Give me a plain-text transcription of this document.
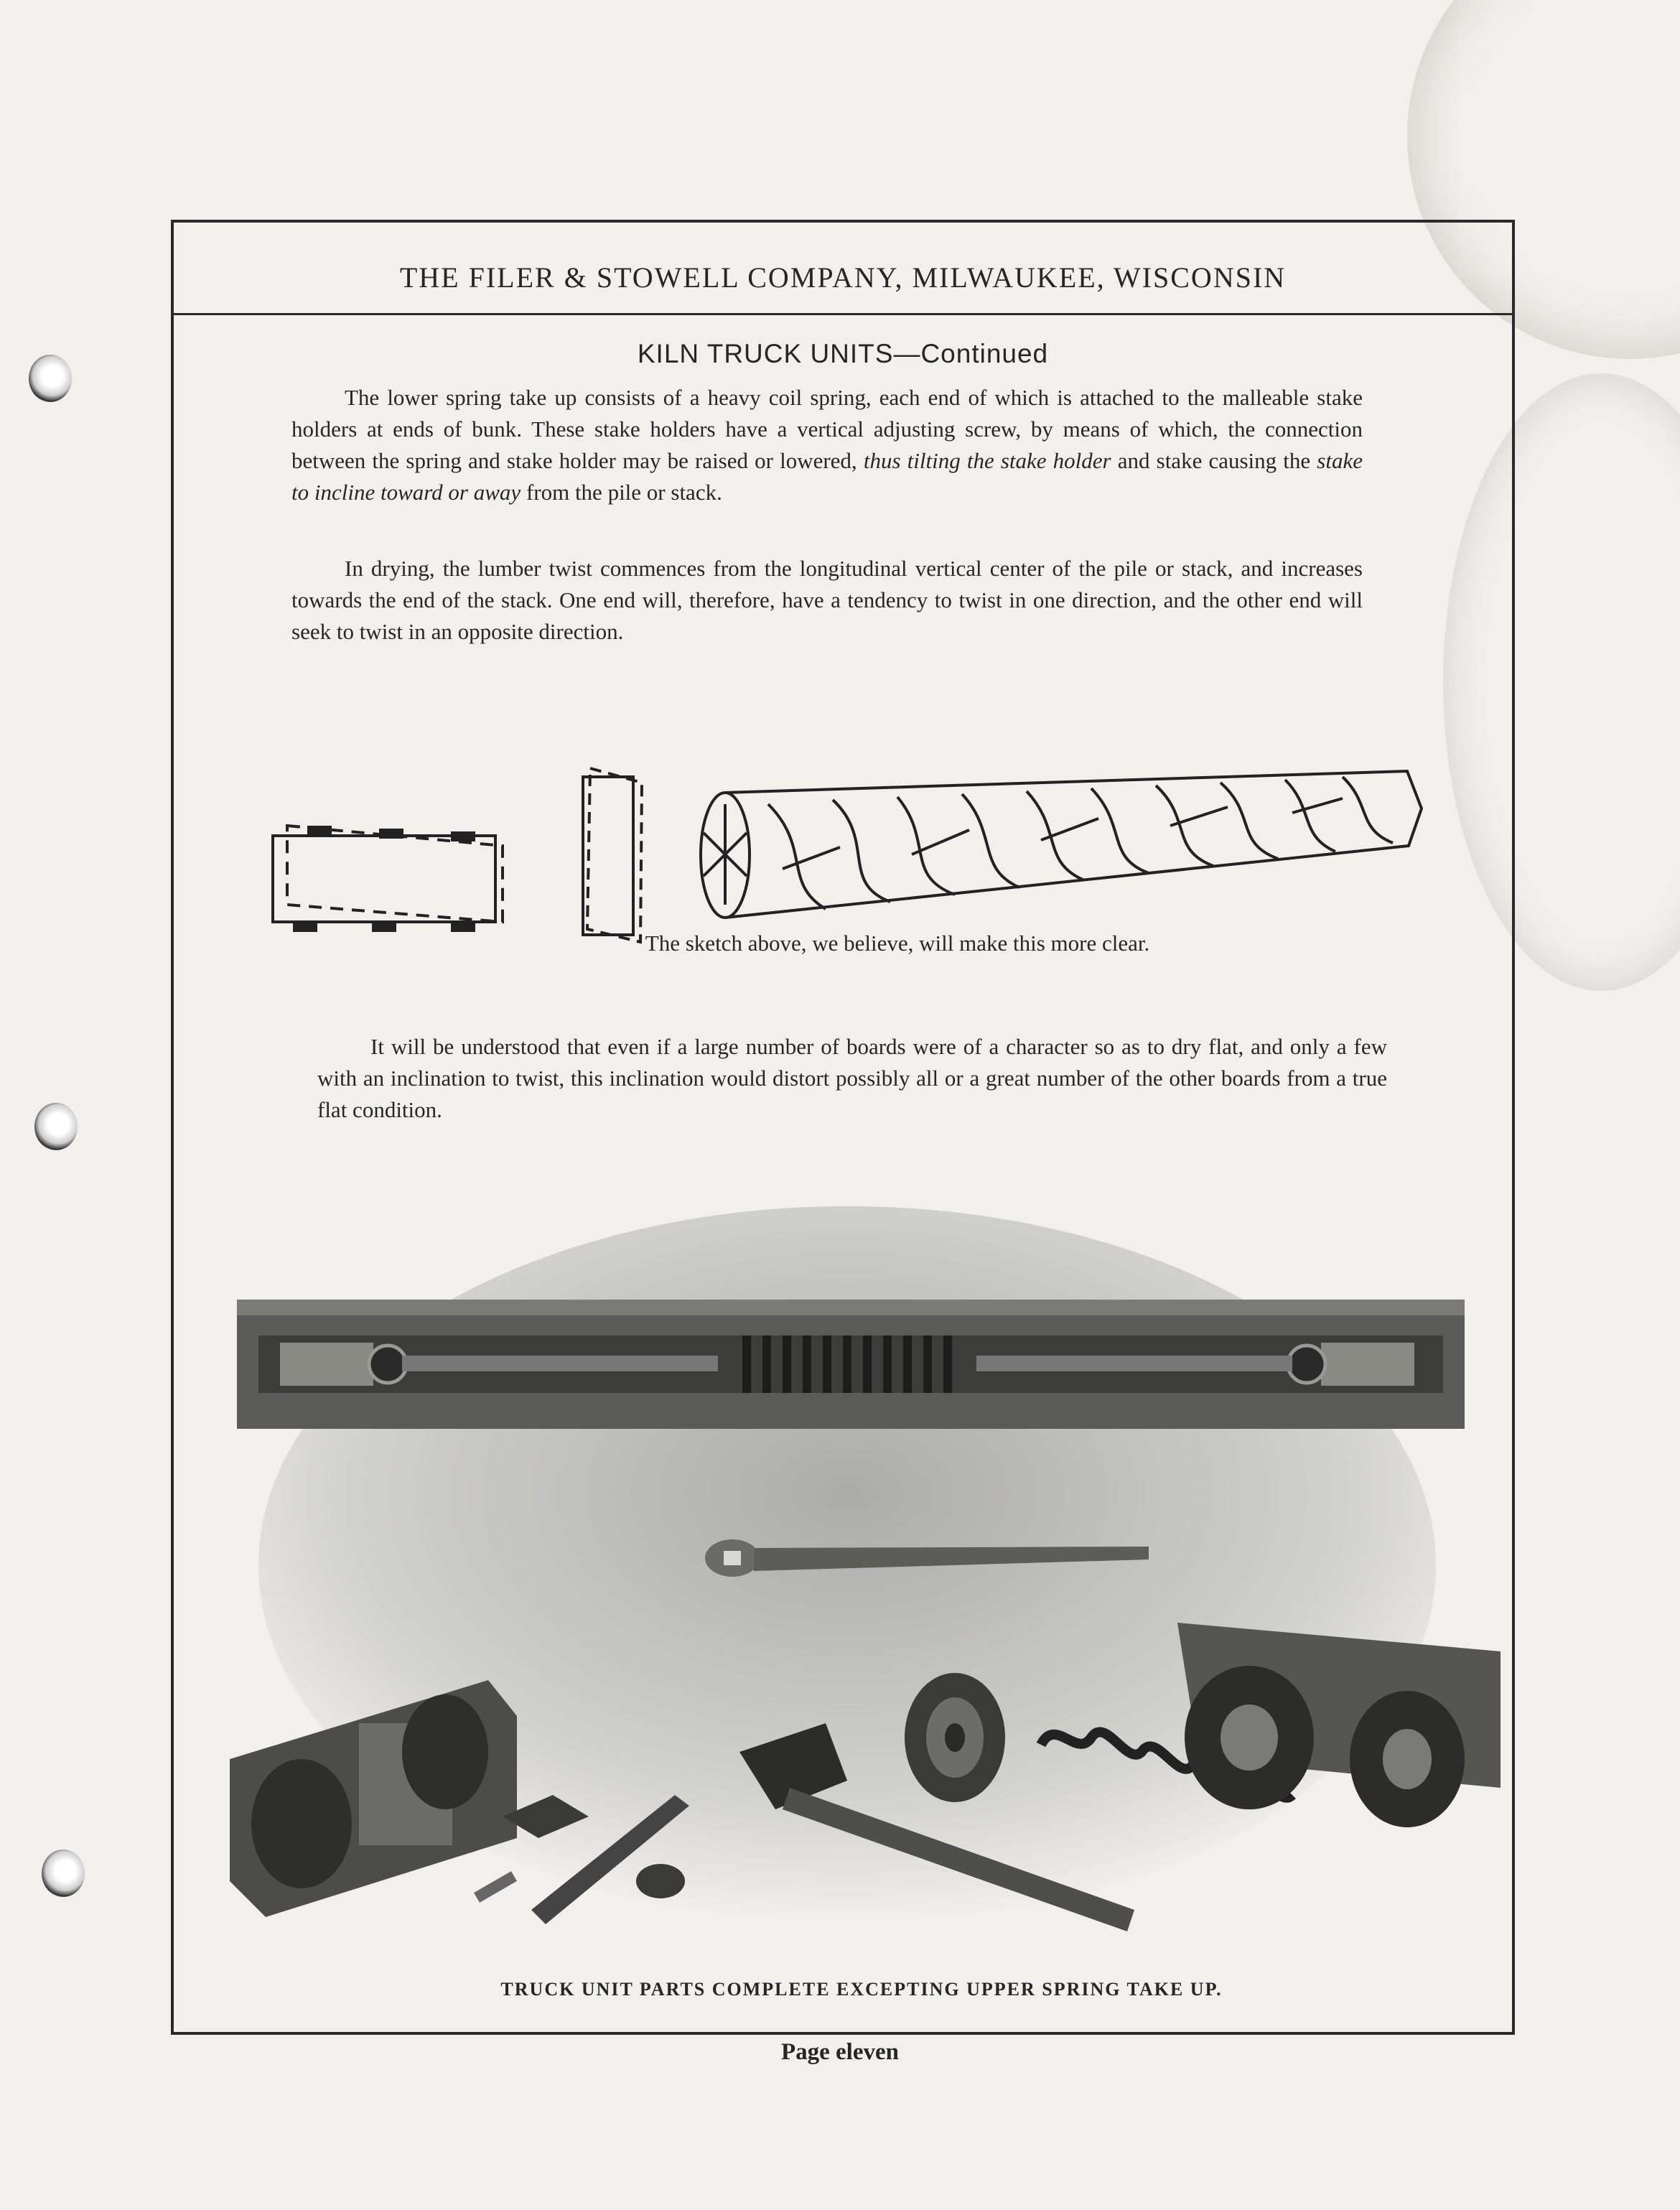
THE FILER & STOWELL COMPANY, MILWAUKEE, WISCONSIN
KILN TRUCK UNITS—Continued

The lower spring take up consists of a heavy coil spring, each end of which is attached to the malleable stake holders at ends of bunk. These stake holders have a vertical adjusting screw, by means of which, the connection between the spring and stake holder may be raised or lowered, thus tilting the stake holder and stake causing the stake to incline toward or away from the pile or stack.

In drying, the lumber twist commences from the longitudinal vertical center of the pile or stack, and increases towards the end of the stack. One end will, therefore, have a tendency to twist in one direction, and the other end will seek to twist in an opposite direction.

The sketch above, we believe, will make this more clear.

It will be understood that even if a large number of boards were of a character so as to dry flat, and only a few with an inclination to twist, this inclination would distort possibly all or a great number of the other boards from a true flat condition.

TRUCK UNIT PARTS COMPLETE EXCEPTING UPPER SPRING TAKE UP.
Page eleven
